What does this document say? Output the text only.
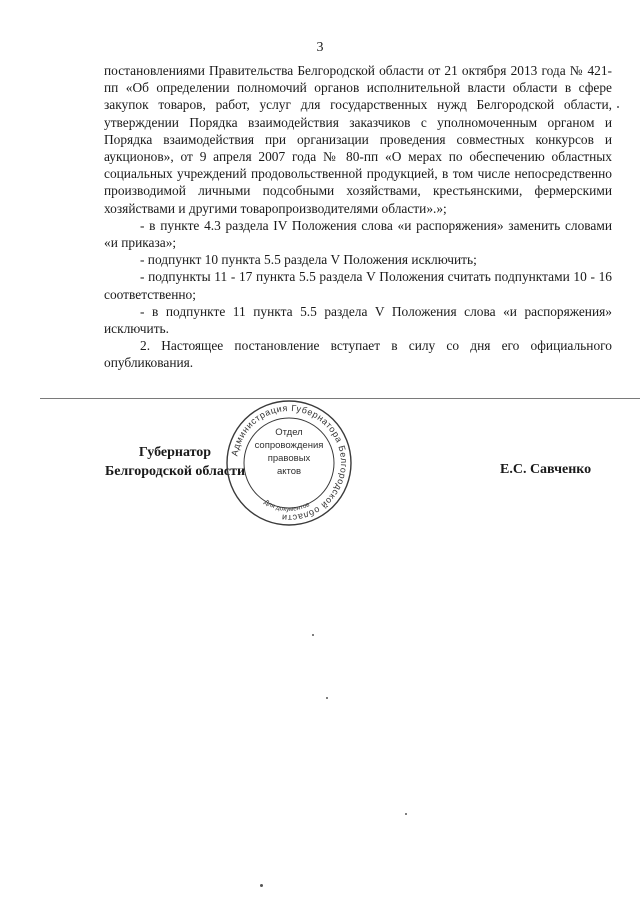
3

постановлениями Правительства Белгородской области от 21 октября 2013 года № 421-пп «Об определении полномочий органов исполнительной власти области в сфере закупок товаров, работ, услуг для государственных нужд Белгородской области, утверждении Порядка взаимодействия заказчиков с уполномоченным органом и Порядка взаимодействия при организации проведения совместных конкурсов и аукционов», от 9 апреля 2007 года № 80-пп «О мерах по обеспечению областных социальных учреждений продовольственной продукцией, в том числе непосредственно производимой личными подсобными хозяйствами, крестьянскими, фермерскими хозяйствами и другими товаропроизводителями области».»;

- в пункте 4.3 раздела IV Положения слова «и распоряжения» заменить словами «и приказа»;

- подпункт 10 пункта 5.5 раздела V Положения исключить;

- подпункты 11 - 17 пункта 5.5 раздела V Положения считать подпунктами 10 - 16 соответственно;

- в подпункте 11 пункта 5.5 раздела V Положения слова «и распоряжения» исключить.

2. Настоящее постановление вступает в силу со дня его официального опубликования.

Губернатор
Белгородской области
Администрация Губернатора Белгородской области
Для документов
Отдел
сопровождения
правовых
актов	Е.С. Савченко
